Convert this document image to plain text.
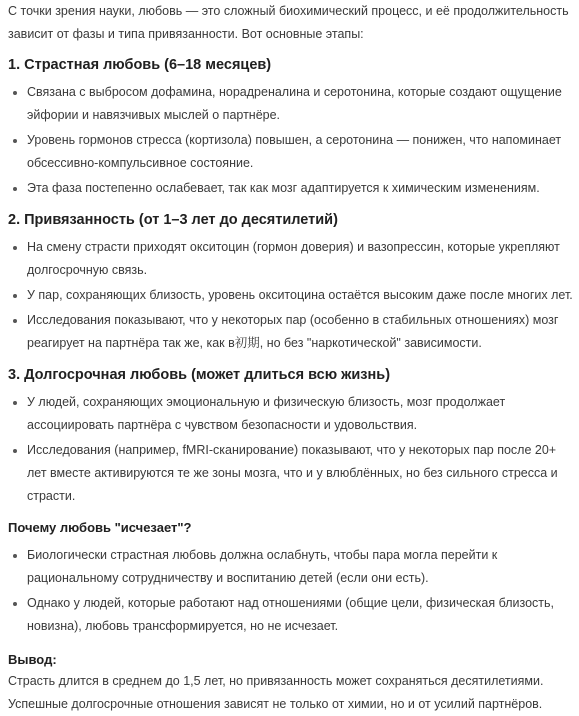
С точки зрения науки, любовь — это сложный биохимический процесс, и её продолжительность зависит от фазы и типа привязанности. Вот основные этапы:

1. Страстная любовь (6–18 месяцев)
Связана с выбросом дофамина, норадреналина и серотонина, которые создают ощущение эйфории и навязчивых мыслей о партнёре.
Уровень гормонов стресса (кортизола) повышен, а серотонина — понижен, что напоминает обсессивно-компульсивное состояние.
Эта фаза постепенно ослабевает, так как мозг адаптируется к химическим изменениям.
2. Привязанность (от 1–3 лет до десятилетий)
На смену страсти приходят окситоцин (гормон доверия) и вазопрессин, которые укрепляют долгосрочную связь.
У пар, сохраняющих близость, уровень окситоцина остаётся высоким даже после многих лет.
Исследования показывают, что у некоторых пар (особенно в стабильных отношениях) мозг реагирует на партнёра так же, как в初期, но без "наркотической" зависимости.
3. Долгосрочная любовь (может длиться всю жизнь)
У людей, сохраняющих эмоциональную и физическую близость, мозг продолжает ассоциировать партнёра с чувством безопасности и удовольствия.
Исследования (например, fMRI-сканирование) показывают, что у некоторых пар после 20+ лет вместе активируются те же зоны мозга, что и у влюблённых, но без сильного стресса и страсти.
Почему любовь "исчезает"?
Биологически страстная любовь должна ослабнуть, чтобы пара могла перейти к рациональному сотрудничеству и воспитанию детей (если они есть).
Однако у людей, которые работают над отношениями (общие цели, физическая близость, новизна), любовь трансформируется, но не исчезает.
Вывод:

Страсть длится в среднем до 1,5 лет, но привязанность может сохраняться десятилетиями. Успешные долгосрочные отношения зависят не только от химии, но и от усилий партнёров.
